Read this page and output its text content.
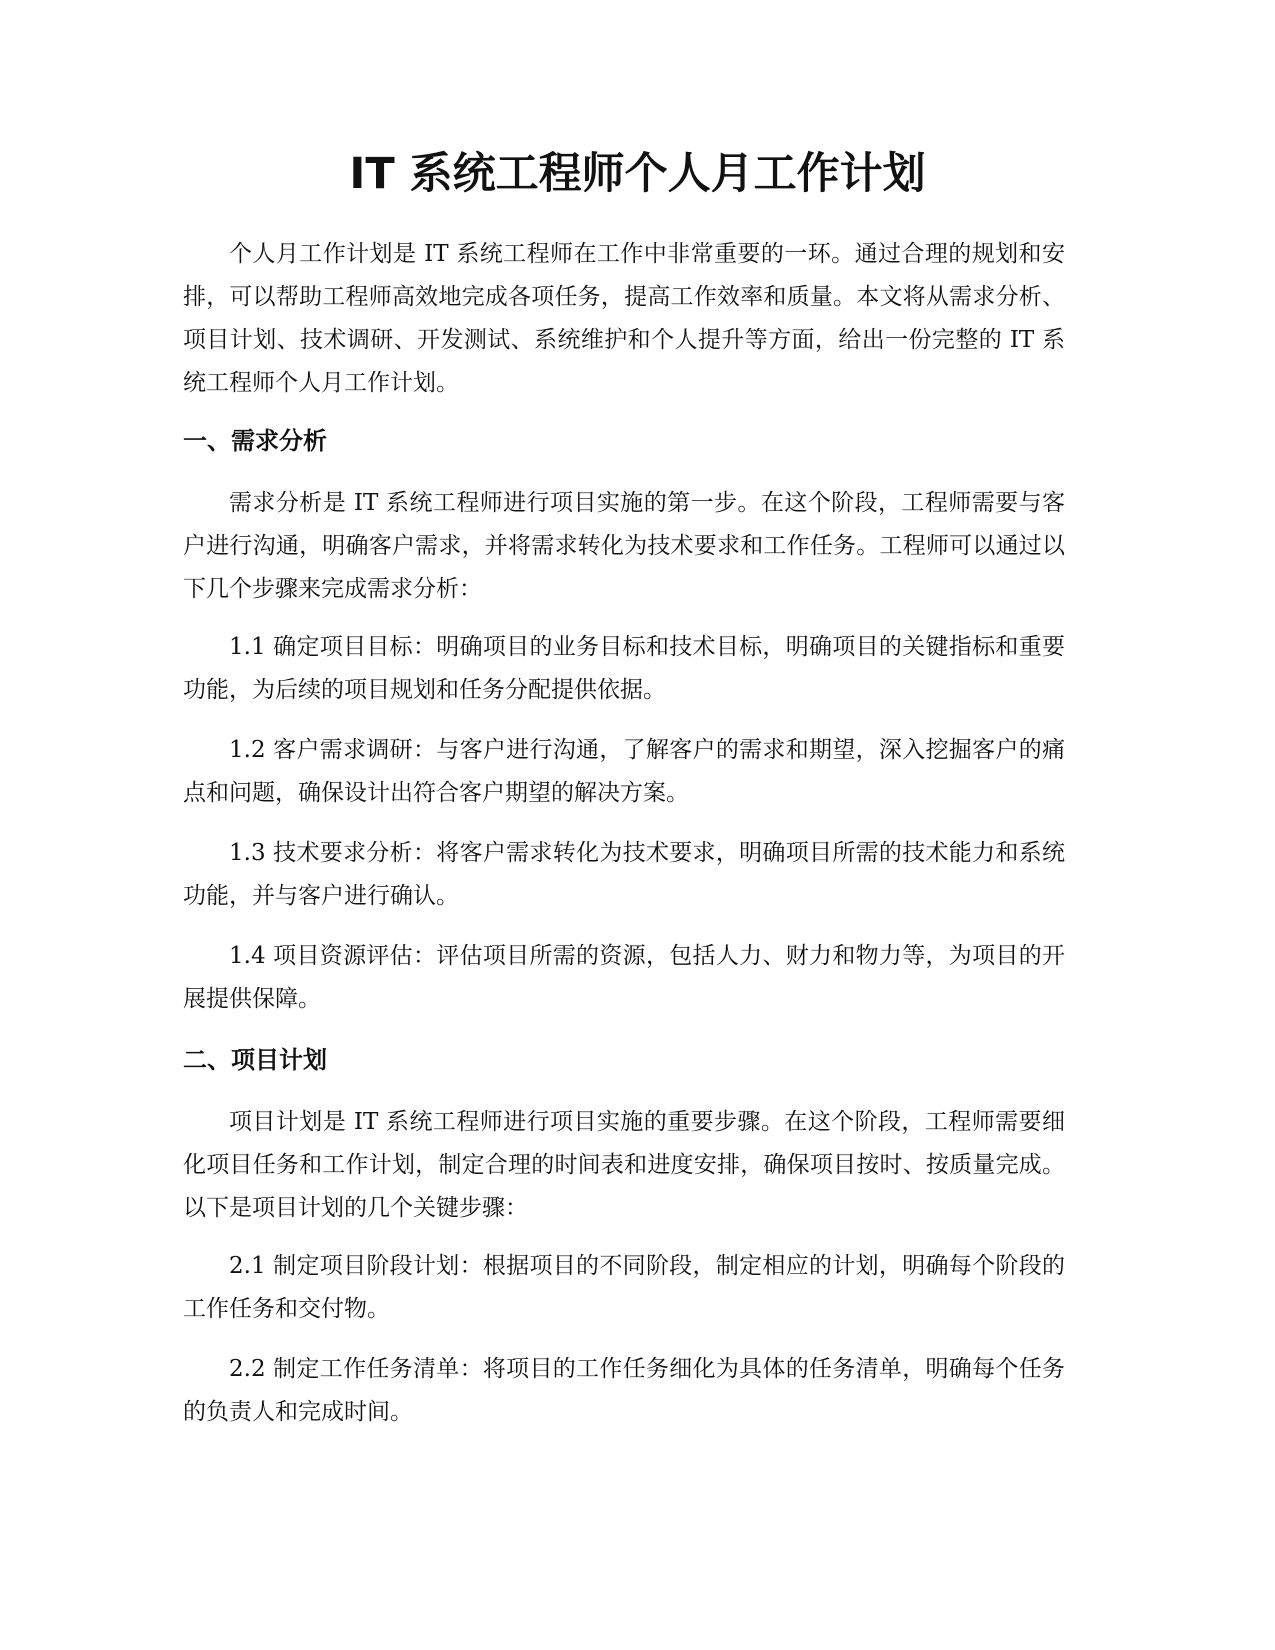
IT 系统工程师个人月工作计划

个人月工作计划是 IT 系统工程师在工作中非常重要的一环。通过合理的规划和安排，可以帮助工程师高效地完成各项任务，提高工作效率和质量。本文将从需求分析、项目计划、技术调研、开发测试、系统维护和个人提升等方面，给出一份完整的 IT 系统工程师个人月工作计划。

一、需求分析

需求分析是 IT 系统工程师进行项目实施的第一步。在这个阶段，工程师需要与客户进行沟通，明确客户需求，并将需求转化为技术要求和工作任务。工程师可以通过以下几个步骤来完成需求分析：

1.1 确定项目目标：明确项目的业务目标和技术目标，明确项目的关键指标和重要功能，为后续的项目规划和任务分配提供依据。

1.2 客户需求调研：与客户进行沟通，了解客户的需求和期望，深入挖掘客户的痛点和问题，确保设计出符合客户期望的解决方案。

1.3 技术要求分析：将客户需求转化为技术要求，明确项目所需的技术能力和系统功能，并与客户进行确认。

1.4 项目资源评估：评估项目所需的资源，包括人力、财力和物力等，为项目的开展提供保障。

二、项目计划

项目计划是 IT 系统工程师进行项目实施的重要步骤。在这个阶段，工程师需要细化项目任务和工作计划，制定合理的时间表和进度安排，确保项目按时、按质量完成。以下是项目计划的几个关键步骤：

2.1 制定项目阶段计划：根据项目的不同阶段，制定相应的计划，明确每个阶段的工作任务和交付物。

2.2 制定工作任务清单：将项目的工作任务细化为具体的任务清单，明确每个任务的负责人和完成时间。
